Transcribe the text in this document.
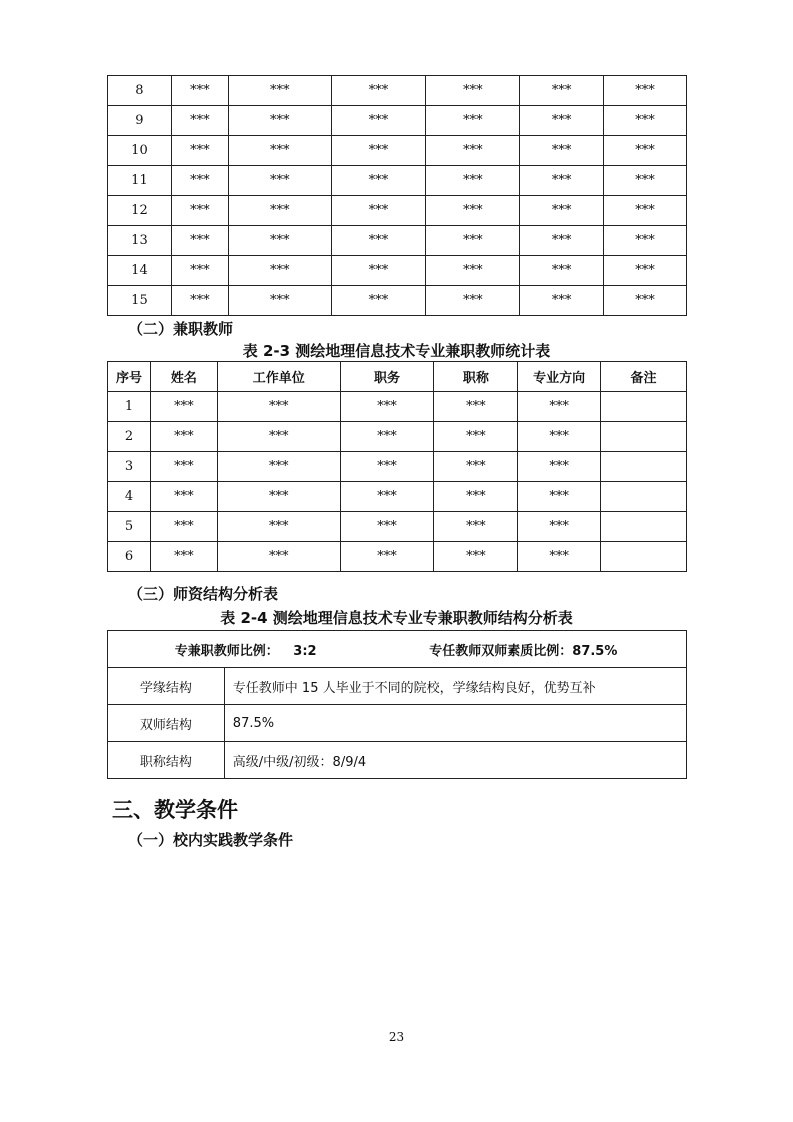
8	***	***	***	***	***	***
9	***	***	***	***	***	***
10	***	***	***	***	***	***
11	***	***	***	***	***	***
12	***	***	***	***	***	***
13	***	***	***	***	***	***
14	***	***	***	***	***	***
15	***	***	***	***	***	***
（二）兼职教师
表 2-3 测绘地理信息技术专业兼职教师统计表
序号	姓名	工作单位	职务	职称	专业方向	备注
1	***	***	***	***	***	
2	***	***	***	***	***	
3	***	***	***	***	***	
4	***	***	***	***	***	
5	***	***	***	***	***	
6	***	***	***	***	***	
（三）师资结构分析表
表 2-4 测绘地理信息技术专业专兼职教师结构分析表
专兼职教师比例： 3:2 专任教师双师素质比例：87.5%	
学缘结构	专任教师中 15 人毕业于不同的院校，学缘结构良好，优势互补
双师结构	87.5%
职称结构	高级/中级/初级：8/9/4
三、教学条件
（一）校内实践教学条件
23
